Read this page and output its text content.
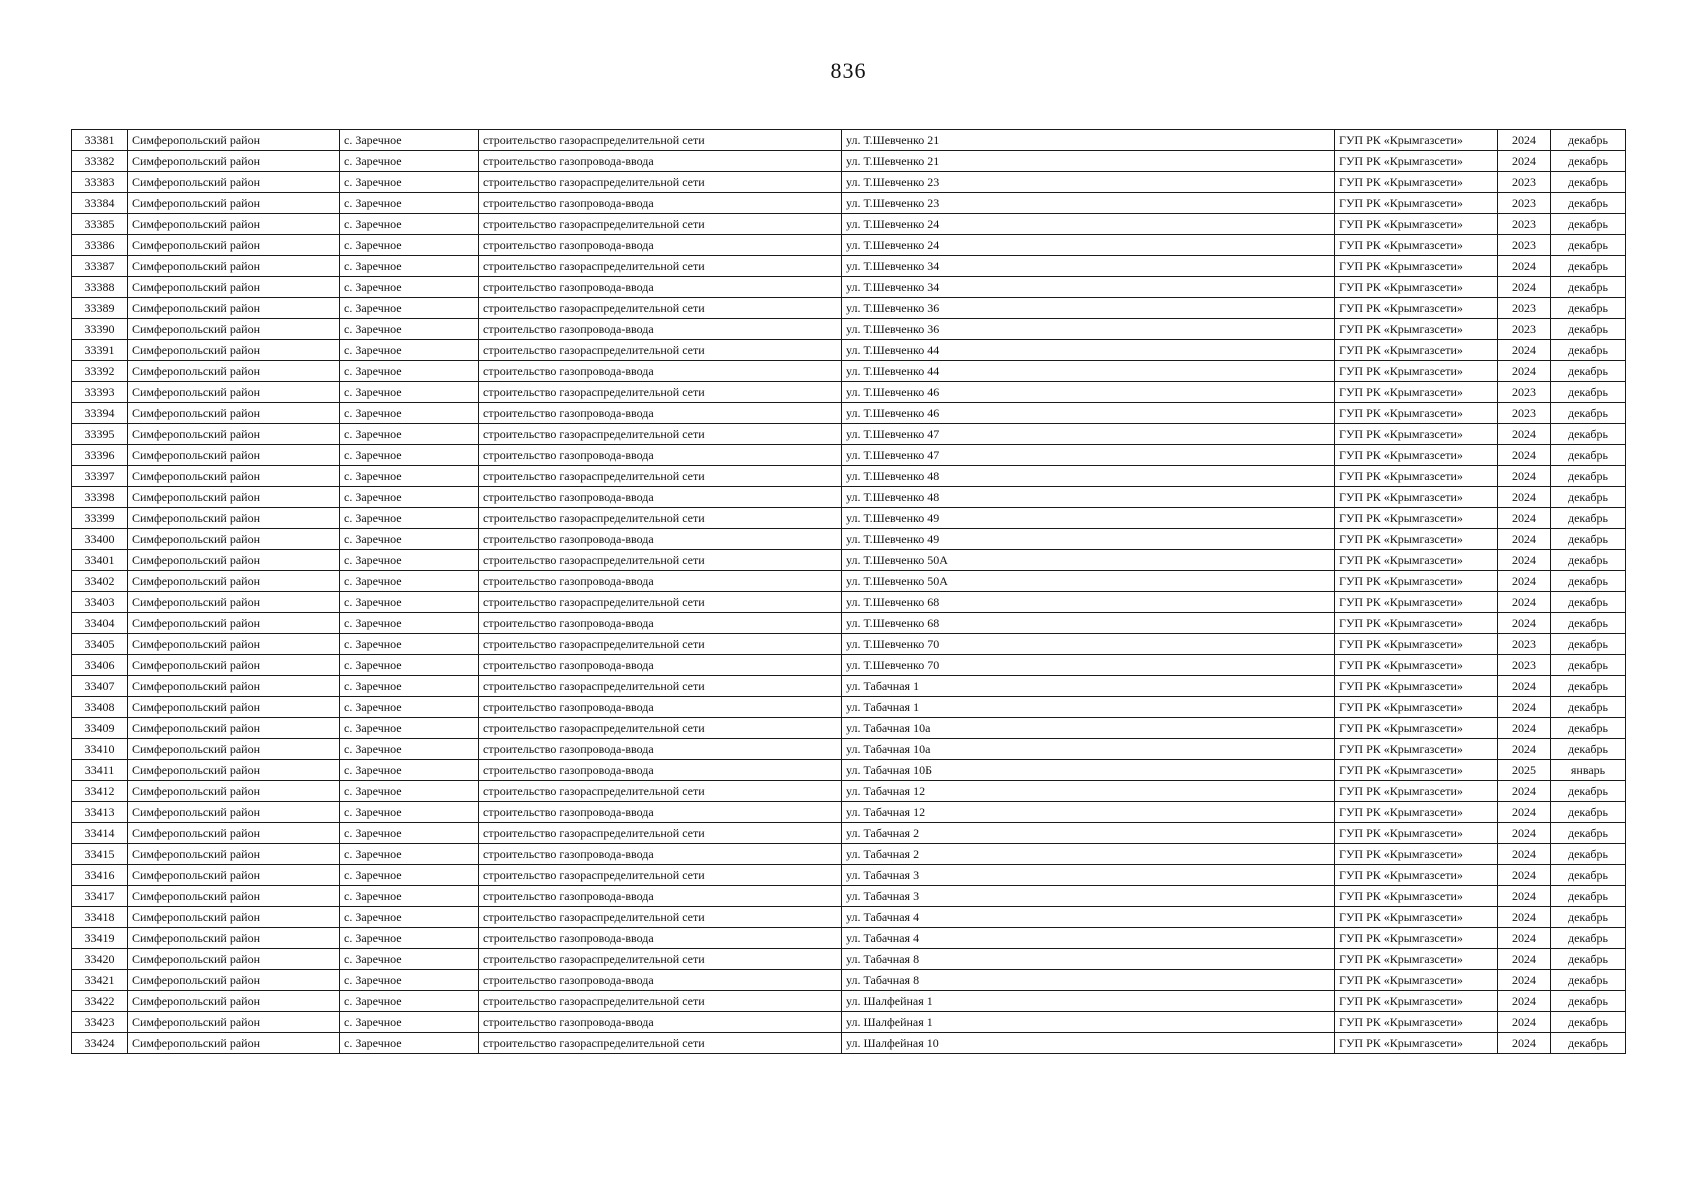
836
33381	Симферопольский район	с. Заречное	строительство газораспределительной сети	ул. Т.Шевченко 21	ГУП РК «Крымгазсети»	2024	декабрь
33382	Симферопольский район	с. Заречное	строительство газопровода-ввода	ул. Т.Шевченко 21	ГУП РК «Крымгазсети»	2024	декабрь
33383	Симферопольский район	с. Заречное	строительство газораспределительной сети	ул. Т.Шевченко 23	ГУП РК «Крымгазсети»	2023	декабрь
33384	Симферопольский район	с. Заречное	строительство газопровода-ввода	ул. Т.Шевченко 23	ГУП РК «Крымгазсети»	2023	декабрь
33385	Симферопольский район	с. Заречное	строительство газораспределительной сети	ул. Т.Шевченко 24	ГУП РК «Крымгазсети»	2023	декабрь
33386	Симферопольский район	с. Заречное	строительство газопровода-ввода	ул. Т.Шевченко 24	ГУП РК «Крымгазсети»	2023	декабрь
33387	Симферопольский район	с. Заречное	строительство газораспределительной сети	ул. Т.Шевченко 34	ГУП РК «Крымгазсети»	2024	декабрь
33388	Симферопольский район	с. Заречное	строительство газопровода-ввода	ул. Т.Шевченко 34	ГУП РК «Крымгазсети»	2024	декабрь
33389	Симферопольский район	с. Заречное	строительство газораспределительной сети	ул. Т.Шевченко 36	ГУП РК «Крымгазсети»	2023	декабрь
33390	Симферопольский район	с. Заречное	строительство газопровода-ввода	ул. Т.Шевченко 36	ГУП РК «Крымгазсети»	2023	декабрь
33391	Симферопольский район	с. Заречное	строительство газораспределительной сети	ул. Т.Шевченко 44	ГУП РК «Крымгазсети»	2024	декабрь
33392	Симферопольский район	с. Заречное	строительство газопровода-ввода	ул. Т.Шевченко 44	ГУП РК «Крымгазсети»	2024	декабрь
33393	Симферопольский район	с. Заречное	строительство газораспределительной сети	ул. Т.Шевченко 46	ГУП РК «Крымгазсети»	2023	декабрь
33394	Симферопольский район	с. Заречное	строительство газопровода-ввода	ул. Т.Шевченко 46	ГУП РК «Крымгазсети»	2023	декабрь
33395	Симферопольский район	с. Заречное	строительство газораспределительной сети	ул. Т.Шевченко 47	ГУП РК «Крымгазсети»	2024	декабрь
33396	Симферопольский район	с. Заречное	строительство газопровода-ввода	ул. Т.Шевченко 47	ГУП РК «Крымгазсети»	2024	декабрь
33397	Симферопольский район	с. Заречное	строительство газораспределительной сети	ул. Т.Шевченко 48	ГУП РК «Крымгазсети»	2024	декабрь
33398	Симферопольский район	с. Заречное	строительство газопровода-ввода	ул. Т.Шевченко 48	ГУП РК «Крымгазсети»	2024	декабрь
33399	Симферопольский район	с. Заречное	строительство газораспределительной сети	ул. Т.Шевченко 49	ГУП РК «Крымгазсети»	2024	декабрь
33400	Симферопольский район	с. Заречное	строительство газопровода-ввода	ул. Т.Шевченко 49	ГУП РК «Крымгазсети»	2024	декабрь
33401	Симферопольский район	с. Заречное	строительство газораспределительной сети	ул. Т.Шевченко 50А	ГУП РК «Крымгазсети»	2024	декабрь
33402	Симферопольский район	с. Заречное	строительство газопровода-ввода	ул. Т.Шевченко 50А	ГУП РК «Крымгазсети»	2024	декабрь
33403	Симферопольский район	с. Заречное	строительство газораспределительной сети	ул. Т.Шевченко 68	ГУП РК «Крымгазсети»	2024	декабрь
33404	Симферопольский район	с. Заречное	строительство газопровода-ввода	ул. Т.Шевченко 68	ГУП РК «Крымгазсети»	2024	декабрь
33405	Симферопольский район	с. Заречное	строительство газораспределительной сети	ул. Т.Шевченко 70	ГУП РК «Крымгазсети»	2023	декабрь
33406	Симферопольский район	с. Заречное	строительство газопровода-ввода	ул. Т.Шевченко 70	ГУП РК «Крымгазсети»	2023	декабрь
33407	Симферопольский район	с. Заречное	строительство газораспределительной сети	ул. Табачная 1	ГУП РК «Крымгазсети»	2024	декабрь
33408	Симферопольский район	с. Заречное	строительство газопровода-ввода	ул. Табачная 1	ГУП РК «Крымгазсети»	2024	декабрь
33409	Симферопольский район	с. Заречное	строительство газораспределительной сети	ул. Табачная 10а	ГУП РК «Крымгазсети»	2024	декабрь
33410	Симферопольский район	с. Заречное	строительство газопровода-ввода	ул. Табачная 10а	ГУП РК «Крымгазсети»	2024	декабрь
33411	Симферопольский район	с. Заречное	строительство газопровода-ввода	ул. Табачная 10Б	ГУП РК «Крымгазсети»	2025	январь
33412	Симферопольский район	с. Заречное	строительство газораспределительной сети	ул. Табачная 12	ГУП РК «Крымгазсети»	2024	декабрь
33413	Симферопольский район	с. Заречное	строительство газопровода-ввода	ул. Табачная 12	ГУП РК «Крымгазсети»	2024	декабрь
33414	Симферопольский район	с. Заречное	строительство газораспределительной сети	ул. Табачная 2	ГУП РК «Крымгазсети»	2024	декабрь
33415	Симферопольский район	с. Заречное	строительство газопровода-ввода	ул. Табачная 2	ГУП РК «Крымгазсети»	2024	декабрь
33416	Симферопольский район	с. Заречное	строительство газораспределительной сети	ул. Табачная 3	ГУП РК «Крымгазсети»	2024	декабрь
33417	Симферопольский район	с. Заречное	строительство газопровода-ввода	ул. Табачная 3	ГУП РК «Крымгазсети»	2024	декабрь
33418	Симферопольский район	с. Заречное	строительство газораспределительной сети	ул. Табачная 4	ГУП РК «Крымгазсети»	2024	декабрь
33419	Симферопольский район	с. Заречное	строительство газопровода-ввода	ул. Табачная 4	ГУП РК «Крымгазсети»	2024	декабрь
33420	Симферопольский район	с. Заречное	строительство газораспределительной сети	ул. Табачная 8	ГУП РК «Крымгазсети»	2024	декабрь
33421	Симферопольский район	с. Заречное	строительство газопровода-ввода	ул. Табачная 8	ГУП РК «Крымгазсети»	2024	декабрь
33422	Симферопольский район	с. Заречное	строительство газораспределительной сети	ул. Шалфейная 1	ГУП РК «Крымгазсети»	2024	декабрь
33423	Симферопольский район	с. Заречное	строительство газопровода-ввода	ул. Шалфейная 1	ГУП РК «Крымгазсети»	2024	декабрь
33424	Симферопольский район	с. Заречное	строительство газораспределительной сети	ул. Шалфейная 10	ГУП РК «Крымгазсети»	2024	декабрь
